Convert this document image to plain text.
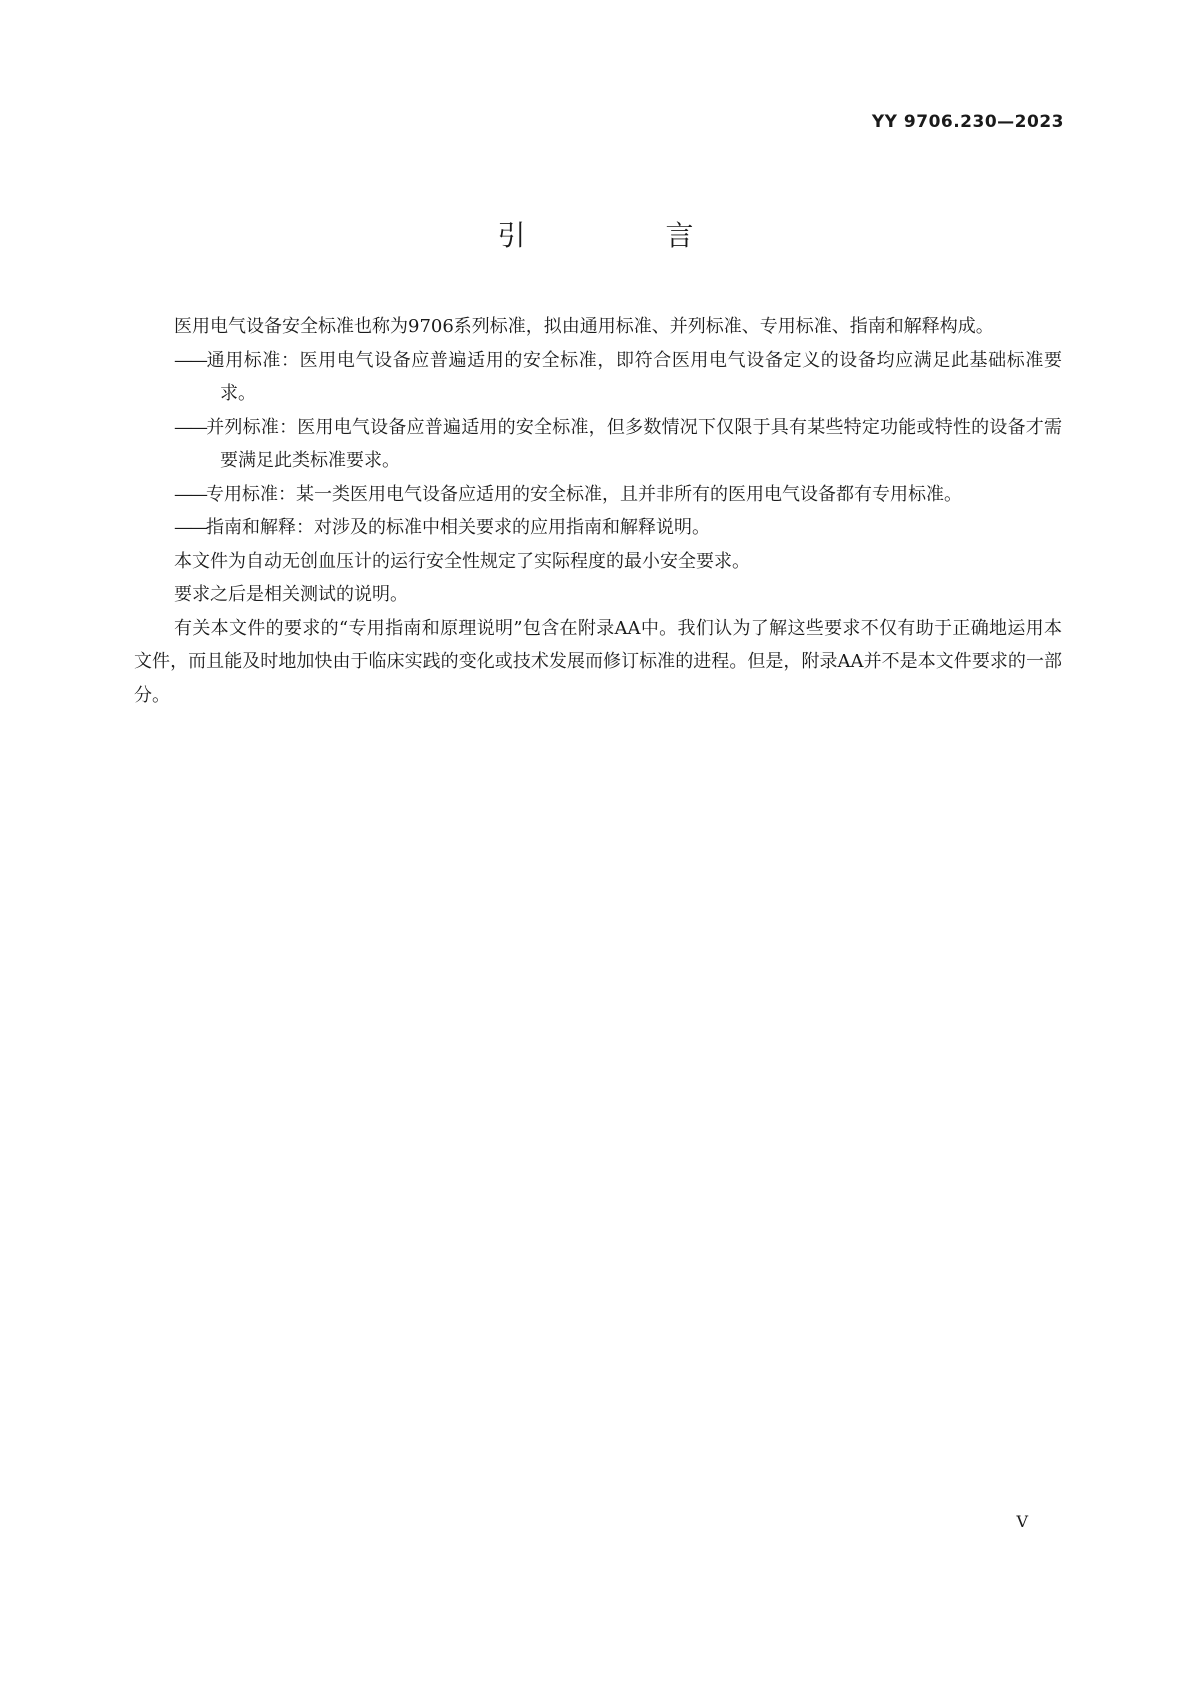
YY 9706.230—2023
引　言

医用电气设备安全标准也称为9706系列标准，拟由通用标准、并列标准、专用标准、指南和解释构成。

——通用标准：医用电气设备应普遍适用的安全标准，即符合医用电气设备定义的设备均应满足此基础标准要求。

——并列标准：医用电气设备应普遍适用的安全标准，但多数情况下仅限于具有某些特定功能或特性的设备才需要满足此类标准要求。

——专用标准：某一类医用电气设备应适用的安全标准，且并非所有的医用电气设备都有专用标准。

——指南和解释：对涉及的标准中相关要求的应用指南和解释说明。

本文件为自动无创血压计的运行安全性规定了实际程度的最小安全要求。

要求之后是相关测试的说明。

有关本文件的要求的“专用指南和原理说明”包含在附录AA中。我们认为了解这些要求不仅有助于正确地运用本文件，而且能及时地加快由于临床实践的变化或技术发展而修订标准的进程。但是，附录AA并不是本文件要求的一部分。

V
